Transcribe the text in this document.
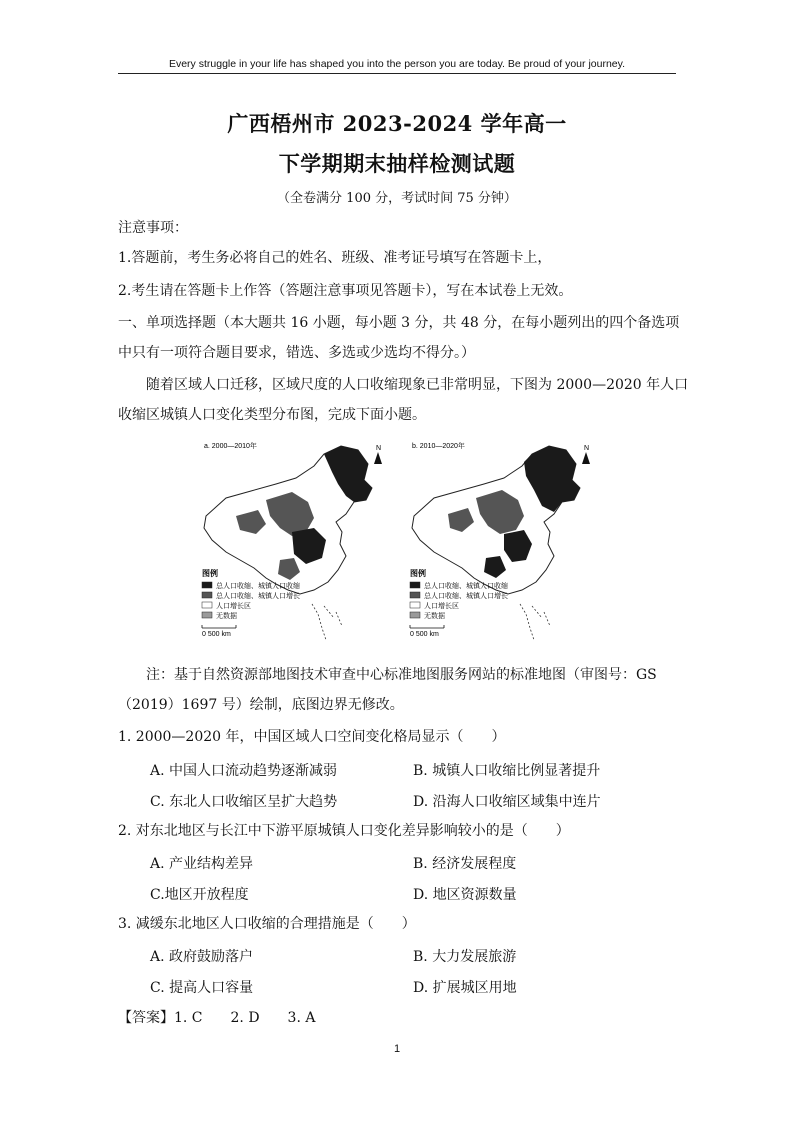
Every struggle in your life has shaped you into the person you are today. Be proud of your journey.
广西梧州市 2023-2024 学年高一
下学期期末抽样检测试题
（全卷满分 100 分，考试时间 75 分钟）
注意事项：
1.答题前，考生务必将自己的姓名、班级、准考证号填写在答题卡上，
2.考生请在答题卡上作答（答题注意事项见答题卡），写在本试卷上无效。
一、单项选择题（本大题共 16 小题，每小题 3 分，共 48 分，在每小题列出的四个备选项
中只有一项符合题目要求，错选、多选或少选均不得分。）
随着区域人口迁移，区域尺度的人口收缩现象已非常明显，下图为 2000—2020 年人口
收缩区城镇人口变化类型分布图，完成下面小题。
a. 2000—2010年	N
图例
总人口收缩、城镇人口收缩
总人口收缩、城镇人口增长
人口增长区
无数据
0 500 km
b. 2010—2020年	N
图例
总人口收缩、城镇人口收缩
总人口收缩、城镇人口增长
人口增长区
无数据
0 500 km
注：基于自然资源部地图技术审查中心标准地图服务网站的标准地图（审图号：GS
（2019）1697 号）绘制，底图边界无修改。
1. 2000—2020 年，中国区域人口空间变化格局显示（　　）
A. 中国人口流动趋势逐渐减弱	B. 城镇人口收缩比例显著提升
C. 东北人口收缩区呈扩大趋势	D. 沿海人口收缩区域集中连片
2. 对东北地区与长江中下游平原城镇人口变化差异影响较小的是（　　）
A. 产业结构差异	B. 经济发展程度
C.地区开放程度	D. 地区资源数量
3. 减缓东北地区人口收缩的合理措施是（　　）
A. 政府鼓励落户	B. 大力发展旅游
C. 提高人口容量	D. 扩展城区用地
【答案】1. C　　2. D　　3. A
1
